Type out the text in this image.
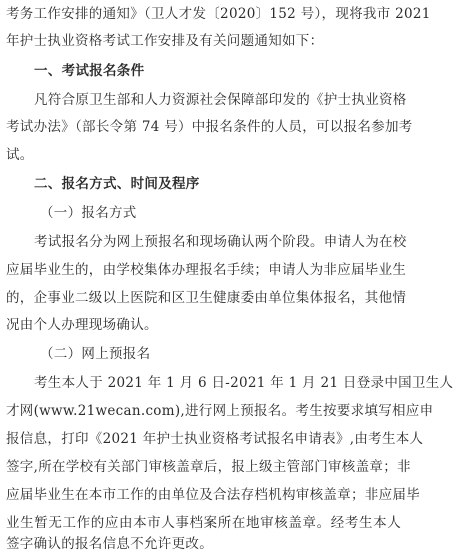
考务工作安排的通知》（卫人才发〔2020〕152 号），现将我市 2021
年护士执业资格考试工作安排及有关问题通知如下：
一、考试报名条件
凡符合原卫生部和人力资源社会保障部印发的《护士执业资格
考试办法》（部长令第 74 号）中报名条件的人员，可以报名参加考
试。
二、报名方式、时间及程序
（一）报名方式
考试报名分为网上预报名和现场确认两个阶段。申请人为在校
应届毕业生的，由学校集体办理报名手续；申请人为非应届毕业生
的，企事业二级以上医院和区卫生健康委由单位集体报名，其他情
况由个人办理现场确认。
（二）网上预报名
考生本人于 2021 年 1 月 6 日-2021 年 1 月 21 日登录中国卫生人
才网(www.21wecan.com),进行网上预报名。考生按要求填写相应申
报信息，打印《2021 年护士执业资格考试报名申请表》,由考生本人
签字,所在学校有关部门审核盖章后，报上级主管部门审核盖章；非
应届毕业生在本市工作的由单位及合法存档机构审核盖章；非应届毕
业生暂无工作的应由本市人事档案所在地审核盖章。经考生本人
签字确认的报名信息不允许更改。
